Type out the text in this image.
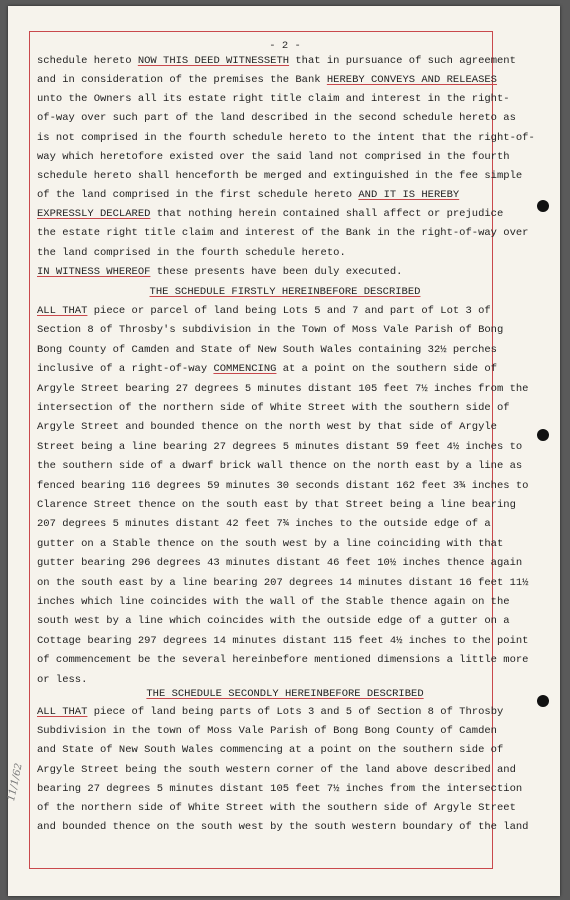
- 2 -
11/1/62
schedule hereto NOW THIS DEED WITNESSETH that in pursuance of such agreement
and in consideration of the premises the Bank HEREBY CONVEYS AND RELEASES
unto the Owners all its estate right title claim and interest in the right-
of-way over such part of the land described in the second schedule hereto as
is not comprised in the fourth schedule hereto to the intent that the right-of-
way which heretofore existed over the said land not comprised in the fourth
schedule hereto shall henceforth be merged and extinguished in the fee simple
of the land comprised in the first schedule hereto AND IT IS HEREBY
EXPRESSLY DECLARED that nothing herein contained shall affect or prejudice
the estate right title claim and interest of the Bank in the right-of-way over
the land comprised in the fourth schedule hereto.
IN WITNESS WHEREOF these presents have been duly executed.
THE SCHEDULE FIRSTLY HEREINBEFORE DESCRIBED
ALL THAT piece or parcel of land being Lots 5 and 7 and part of Lot 3 of
Section 8 of Throsby's subdivision in the Town of Moss Vale Parish of Bong
Bong County of Camden and State of New South Wales containing 32½ perches
inclusive of a right-of-way COMMENCING at a point on the southern side of
Argyle Street bearing 27 degrees 5 minutes distant 105 feet 7½ inches from the
intersection of the northern side of White Street with the southern side of
Argyle Street and bounded thence on the north west by that side of Argyle
Street being a line bearing 27 degrees 5 minutes distant 59 feet 4½ inches to
the southern side of a dwarf brick wall thence on the north east by a line as
fenced bearing 116 degrees 59 minutes 30 seconds distant 162 feet 3¾ inches to
Clarence Street thence on the south east by that Street being a line bearing
207 degrees 5 minutes distant 42 feet 7¾ inches to the outside edge of a
gutter on a Stable thence on the south west by a line coinciding with that
gutter bearing 296 degrees 43 minutes distant 46 feet 10½ inches thence again
on the south east by a line bearing 207 degrees 14 minutes distant 16 feet 11½
inches which line coincides with the wall of the Stable thence again on the
south west by a line which coincides with the outside edge of a gutter on a
Cottage bearing 297 degrees 14 minutes distant 115 feet 4½ inches to the point
of commencement be the several hereinbefore mentioned dimensions a little more
or less.
THE SCHEDULE SECONDLY HEREINBEFORE DESCRIBED
ALL THAT piece of land being parts of Lots 3 and 5 of Section 8 of Throsby
Subdivision in the town of Moss Vale Parish of Bong Bong County of Camden
and State of New South Wales commencing at a point on the southern side of
Argyle Street being the south western corner of the land above described and
bearing 27 degrees 5 minutes distant 105 feet 7½ inches from the intersection
of the northern side of White Street with the southern side of Argyle Street
and bounded thence on the south west by the south western boundary of the land
